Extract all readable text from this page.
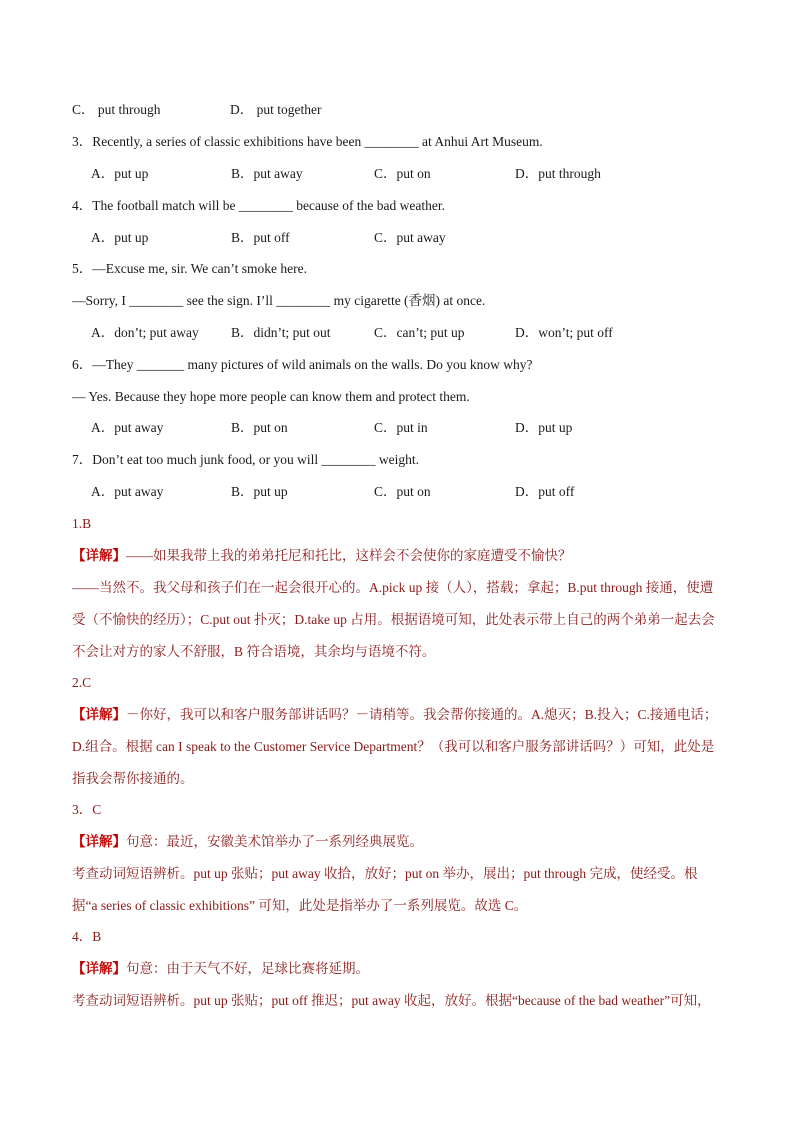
C． put through	D． put together
3．Recently, a series of classic exhibitions have been ________ at Anhui Art Museum.
A．put up	B．put away	C．put on	D．put through
4．The football match will be ________ because of the bad weather.
A．put up	B．put off	C．put away
5．—Excuse me, sir. We can’t smoke here.
—Sorry, I ________ see the sign. I’ll ________ my cigarette (香烟) at once.
A．don’t; put away B．didn’t; put out	C．can’t; put up	D．won’t; put off
6．—They _______ many pictures of wild animals on the walls. Do you know why?
— Yes. Because they hope more people can know them and protect them.
A．put away	B．put on	C．put in	D．put up
7．Don’t eat too much junk food, or you will ________ weight.
A．put away	B．put up	C．put on	D．put off
1.B
【详解】——如果我带上我的弟弟托尼和托比，这样会不会使你的家庭遭受不愉快？
——当然不。我父母和孩子们在一起会很开心的。A.pick up 接（人），搭载；拿起；B.put through 接通，使遭受（不愉快的经历）；C.put out 扑灭；D.take up 占用。根据语境可知，此处表示带上自己的两个弟弟一起去会不会让对方的家人不舒服，B 符合语境，其余均与语境不符。
2.C
【详解】－你好，我可以和客户服务部讲话吗？－请稍等。我会帮你接通的。A.熄灭；B.投入；C.接通电话；D.组合。根据 can I speak to the Customer Service Department？（我可以和客户服务部讲话吗？）可知，此处是指我会帮你接通的。
3．C
【详解】句意：最近，安徽美术馆举办了一系列经典展览。
考查动词短语辨析。put up 张贴；put away 收拾，放好；put on 举办，展出；put through 完成，使经受。根据“a series of classic exhibitions” 可知，此处是指举办了一系列展览。故选 C。
4．B
【详解】句意：由于天气不好，足球比赛将延期。
考查动词短语辨析。put up 张贴；put off 推迟；put away 收起，放好。根据“because of the bad weather”可知，
